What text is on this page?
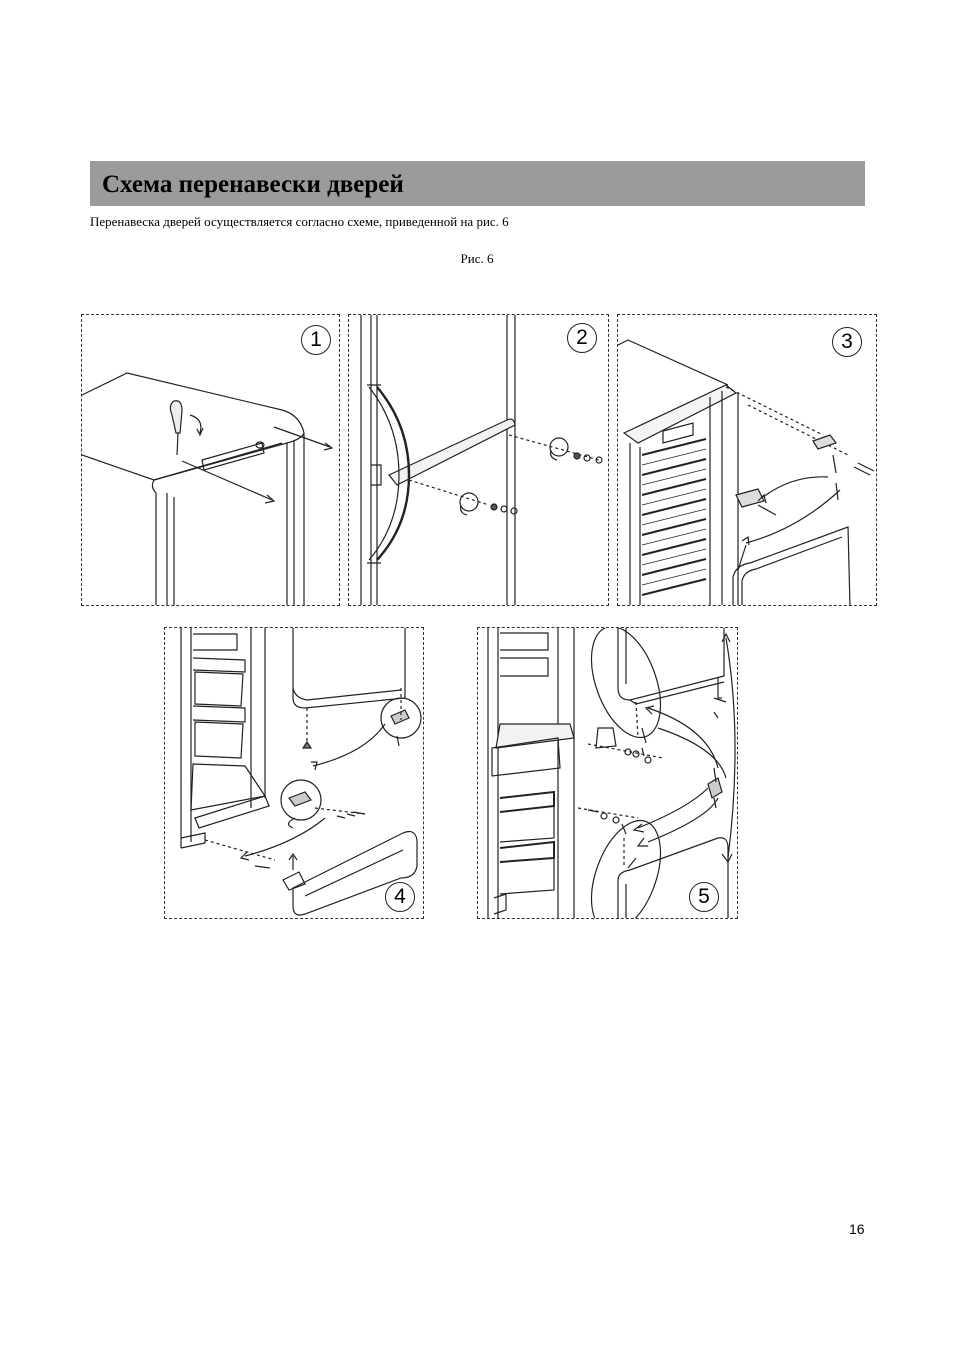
Схема перенавески дверей
Перенавеска дверей осуществляется согласно схеме, приведенной на рис. 6
Рис. 6
1	2	3
4	5
16
